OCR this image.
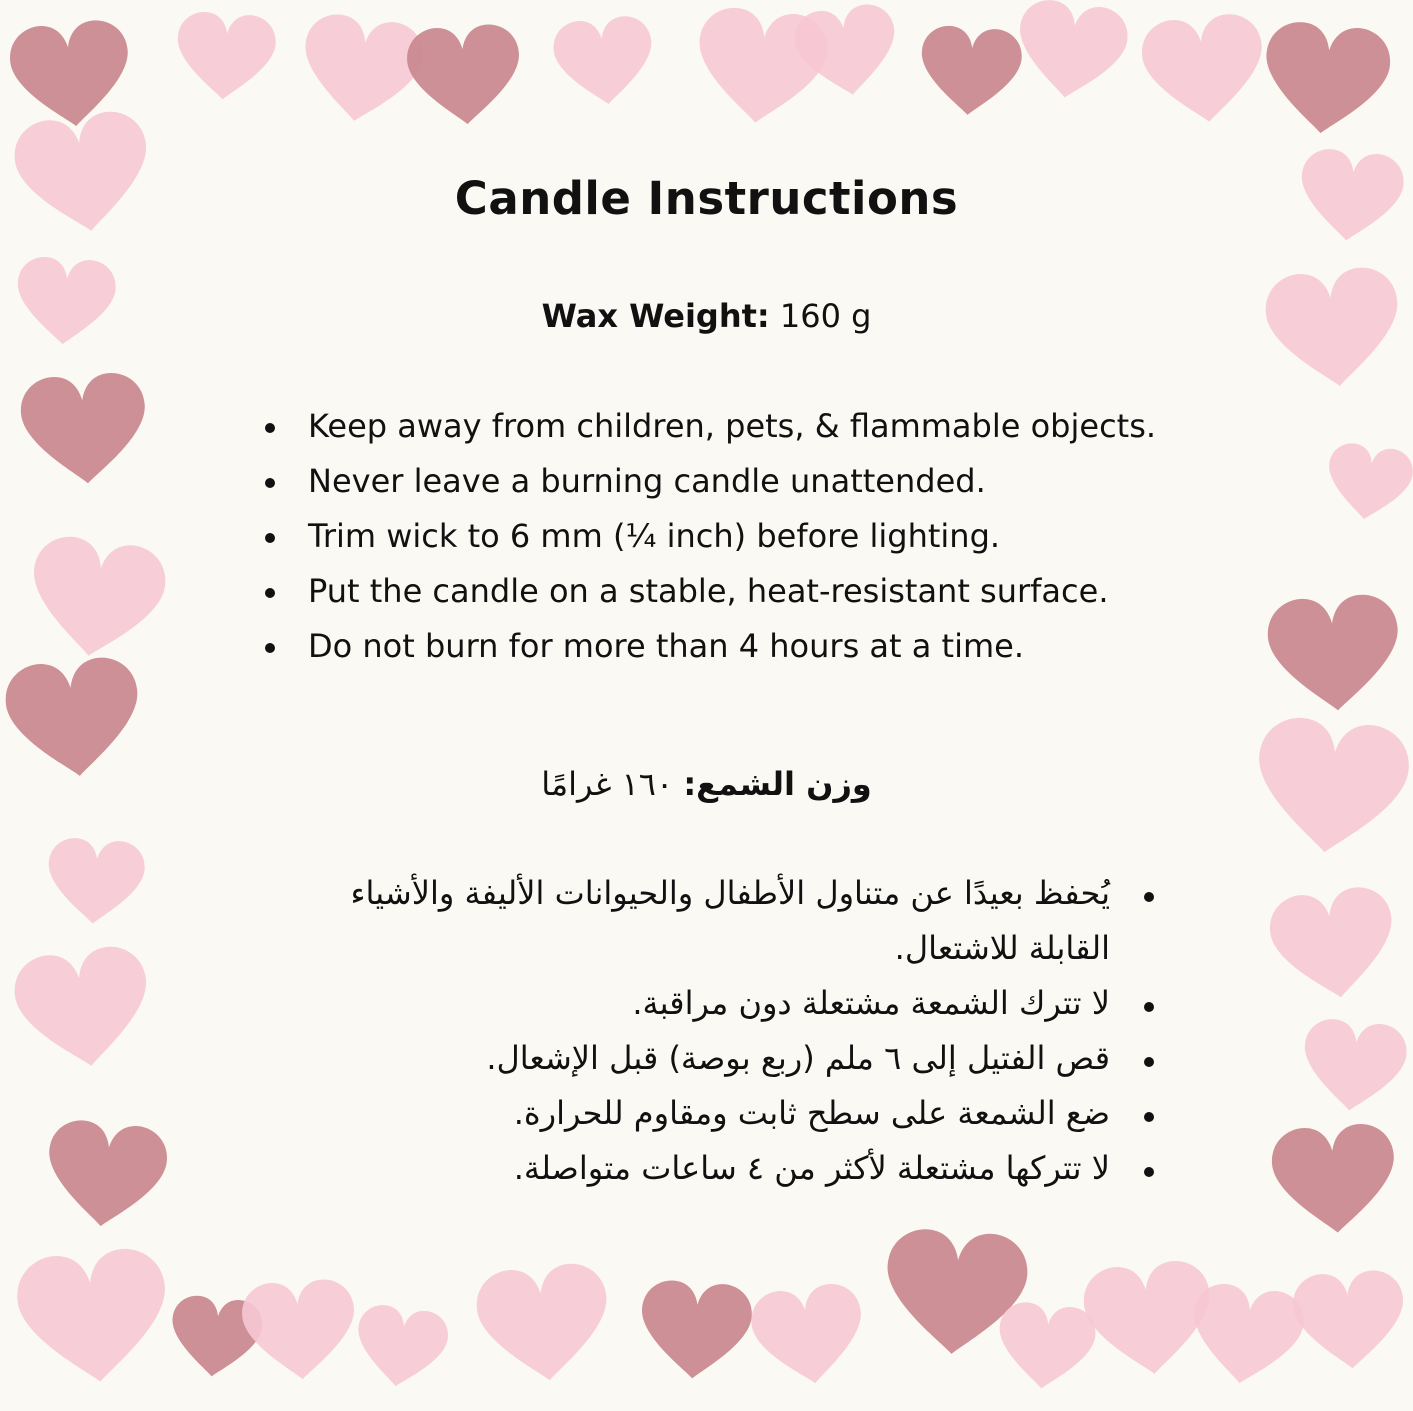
Candle Instructions

Wax Weight: 160 g

Keep away from children, pets, & flammable objects.
Never leave a burning candle unattended.
Trim wick to 6 mm (¼ inch) before lighting.
Put the candle on a stable, heat-resistant surface.
Do not burn for more than 4 hours at a time.

وزن الشمع: ١٦٠ غرامًا

يُحفظ بعيدًا عن متناول الأطفال والحيوانات الأليفة والأشياء القابلة للاشتعال.
لا تترك الشمعة مشتعلة دون مراقبة.
قص الفتيل إلى ٦ ملم (ربع بوصة) قبل الإشعال.
ضع الشمعة على سطح ثابت ومقاوم للحرارة.
لا تتركها مشتعلة لأكثر من ٤ ساعات متواصلة.
